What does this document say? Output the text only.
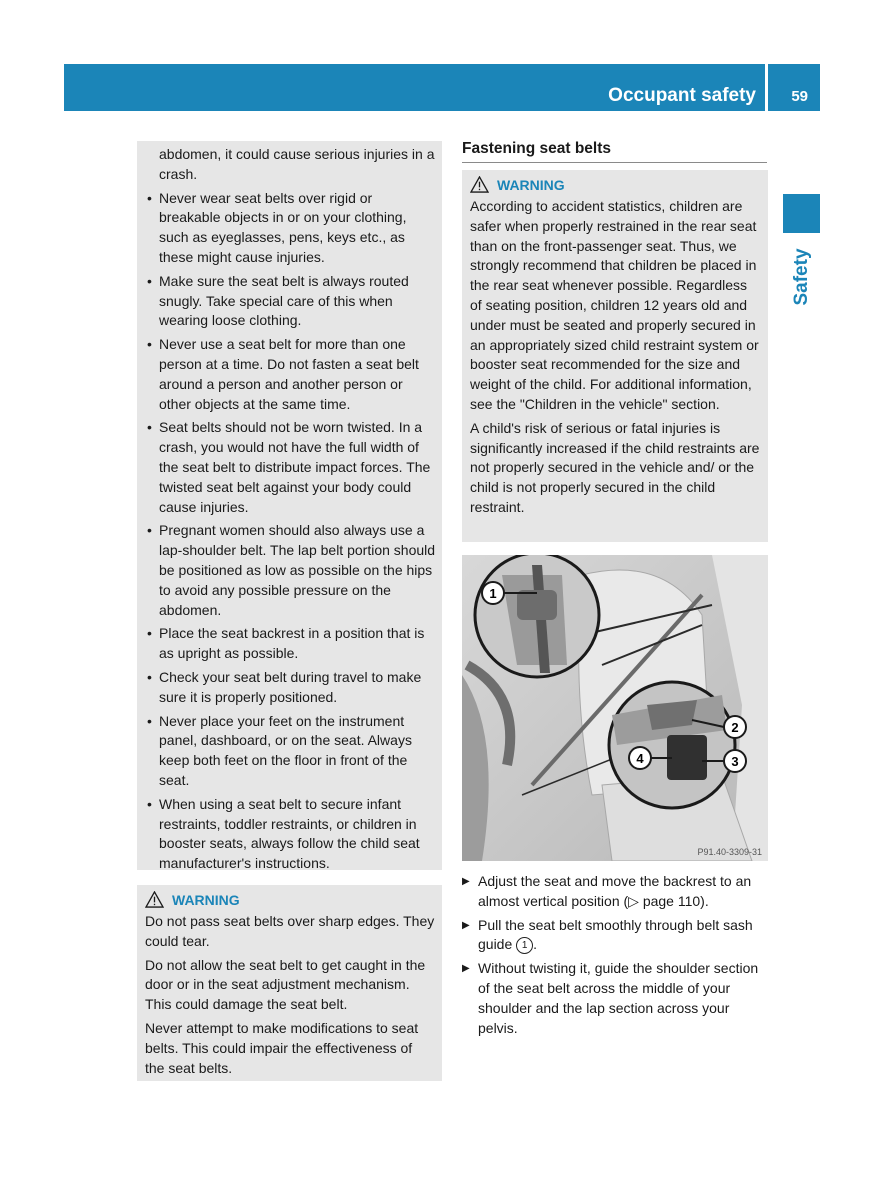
Occupant safety 59
Safety
abdomen, it could cause serious injuries in a crash.
• Never wear seat belts over rigid or breakable objects in or on your clothing, such as eyeglasses, pens, keys etc., as these might cause injuries.
• Make sure the seat belt is always routed snugly. Take special care of this when wearing loose clothing.
• Never use a seat belt for more than one person at a time. Do not fasten a seat belt around a person and another person or other objects at the same time.
• Seat belts should not be worn twisted. In a crash, you would not have the full width of the seat belt to distribute impact forces. The twisted seat belt against your body could cause injuries.
• Pregnant women should also always use a lap-shoulder belt. The lap belt portion should be positioned as low as possible on the hips to avoid any possible pressure on the abdomen.
• Place the seat backrest in a position that is as upright as possible.
• Check your seat belt during travel to make sure it is properly positioned.
• Never place your feet on the instrument panel, dashboard, or on the seat. Always keep both feet on the floor in front of the seat.
• When using a seat belt to secure infant restraints, toddler restraints, or children in booster seats, always follow the child seat manufacturer's instructions.
WARNING

Do not pass seat belts over sharp edges. They could tear.

Do not allow the seat belt to get caught in the door or in the seat adjustment mechanism. This could damage the seat belt.

Never attempt to make modifications to seat belts. This could impair the effectiveness of the seat belts.

Fastening seat belts
WARNING

According to accident statistics, children are safer when properly restrained in the rear seat than on the front-passenger seat. Thus, we strongly recommend that children be placed in the rear seat whenever possible. Regardless of seating position, children 12 years old and under must be seated and properly secured in an appropriately sized child restraint system or booster seat recommended for the size and weight of the child. For additional information, see the "Children in the vehicle" section.

A child's risk of serious or fatal injuries is significantly increased if the child restraints are not properly secured in the vehicle and/ or the child is not properly secured in the child restraint.

1
2
3
4
P91.40-3309-31
▶ Adjust the seat and move the backrest to an almost vertical position (▷ page 110).
▶ Pull the seat belt smoothly through belt sash guide 1 .
▶ Without twisting it, guide the shoulder section of the seat belt across the middle of your shoulder and the lap section across your pelvis.
